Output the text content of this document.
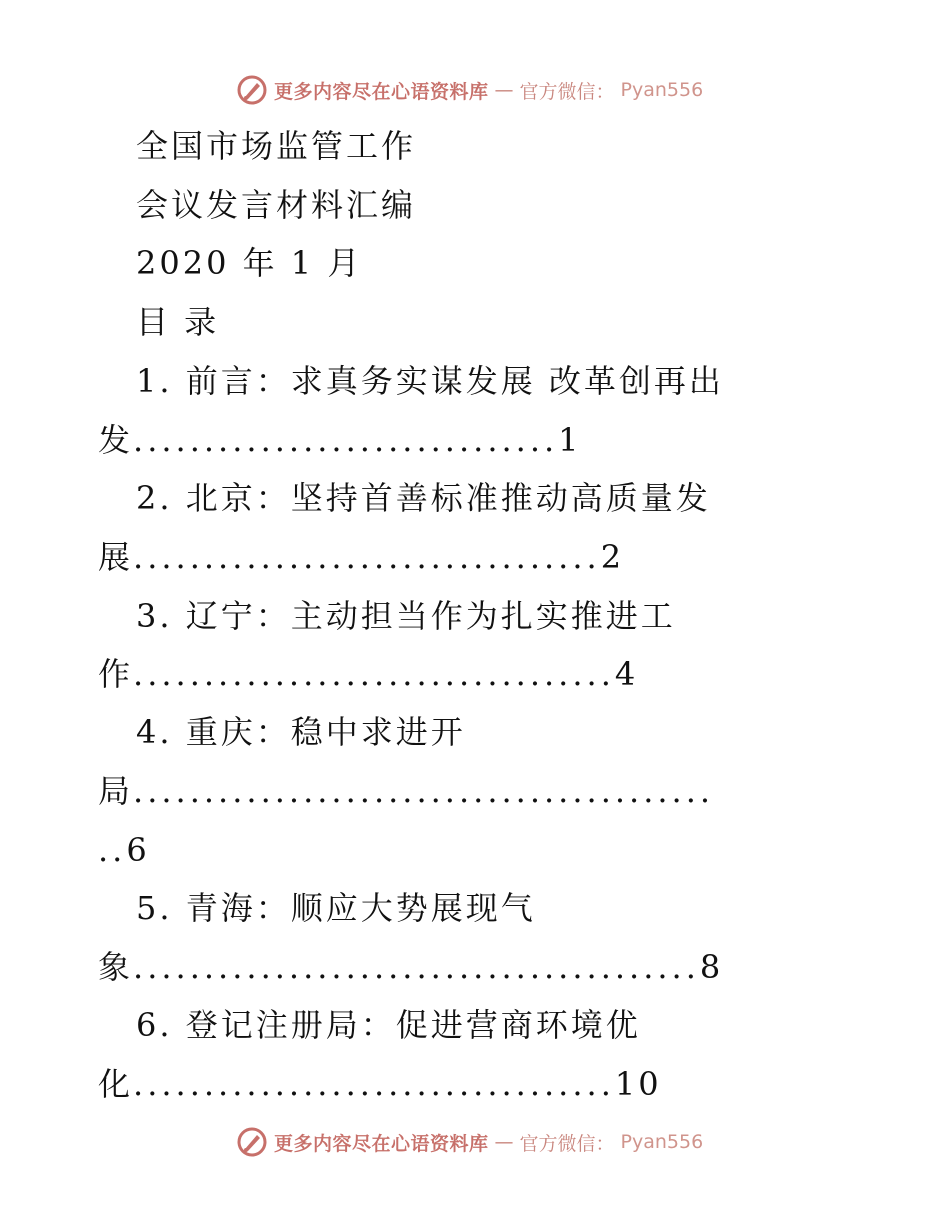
更多内容尽在心语资料库 — 官方微信： Pyan556
全国市场监管工作
会议发言材料汇编
2020 年 1 月
目 录
1. 前言：求真务实谋发展 改革创再出
发..............................1
2. 北京：坚持首善标准推动高质量发
展.................................2
3. 辽宁：主动担当作为扎实推进工
作..................................4
4. 重庆：稳中求进开
局.........................................
..6
5. 青海：顺应大势展现气
象........................................8
6. 登记注册局：促进营商环境优
化..................................10
更多内容尽在心语资料库 — 官方微信： Pyan556
